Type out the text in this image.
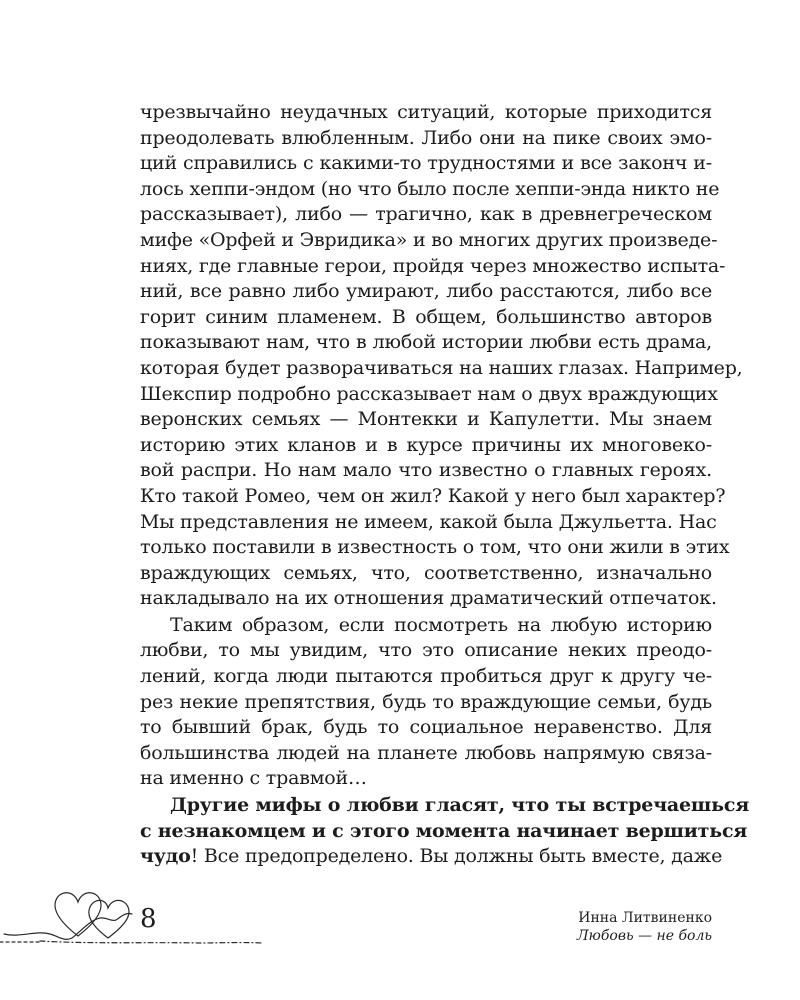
чрезвычайно неудачных ситуаций, которые приходится
преодолевать влюбленным. Либо они на пике своих эмо-
ций справились с какими-то трудностями и все законч и-
лось хеппи-эндом (но что было после хеппи-энда никто не
рассказывает), либо — трагично, как в древнегреческом
мифе «Орфей и Эвридика» и во многих других произведе-
ниях, где главные герои, пройдя через множество испыта-
ний, все равно либо умирают, либо расстаются, либо все
горит синим пламенем. В общем, большинство авторов
показывают нам, что в любой истории любви есть драма,
которая будет разворачиваться на наших глазах. Например,
Шекспир подробно рассказывает нам о двух враждующих
веронских семьях — Монтекки и Капулетти. Мы знаем
историю этих кланов и в курсе причины их многовеко-
вой распри. Но нам мало что известно о главных героях.
Кто такой Ромео, чем он жил? Какой у него был характер?
Мы представления не имеем, какой была Джульетта. Нас
только поставили в известность о том, что они жили в этих
враждующих семьях, что, соответственно, изначально
накладывало на их отношения драматический отпечаток.
Таким образом, если посмотреть на любую историю
любви, то мы увидим, что это описание неких преодо-
лений, когда люди пытаются пробиться друг к другу че-
рез некие препятствия, будь то враждующие семьи, будь
то бывший брак, будь то социальное неравенство. Для
большинства людей на планете любовь напрямую связа-
на именно с травмой…
Другие мифы о любви гласят, что ты встречаешься
с незнакомцем и с этого момента начинает вершиться
чудо! Все предопределено. Вы должны быть вместе, даже
8	Инна Литвиненко
Любовь — не боль
